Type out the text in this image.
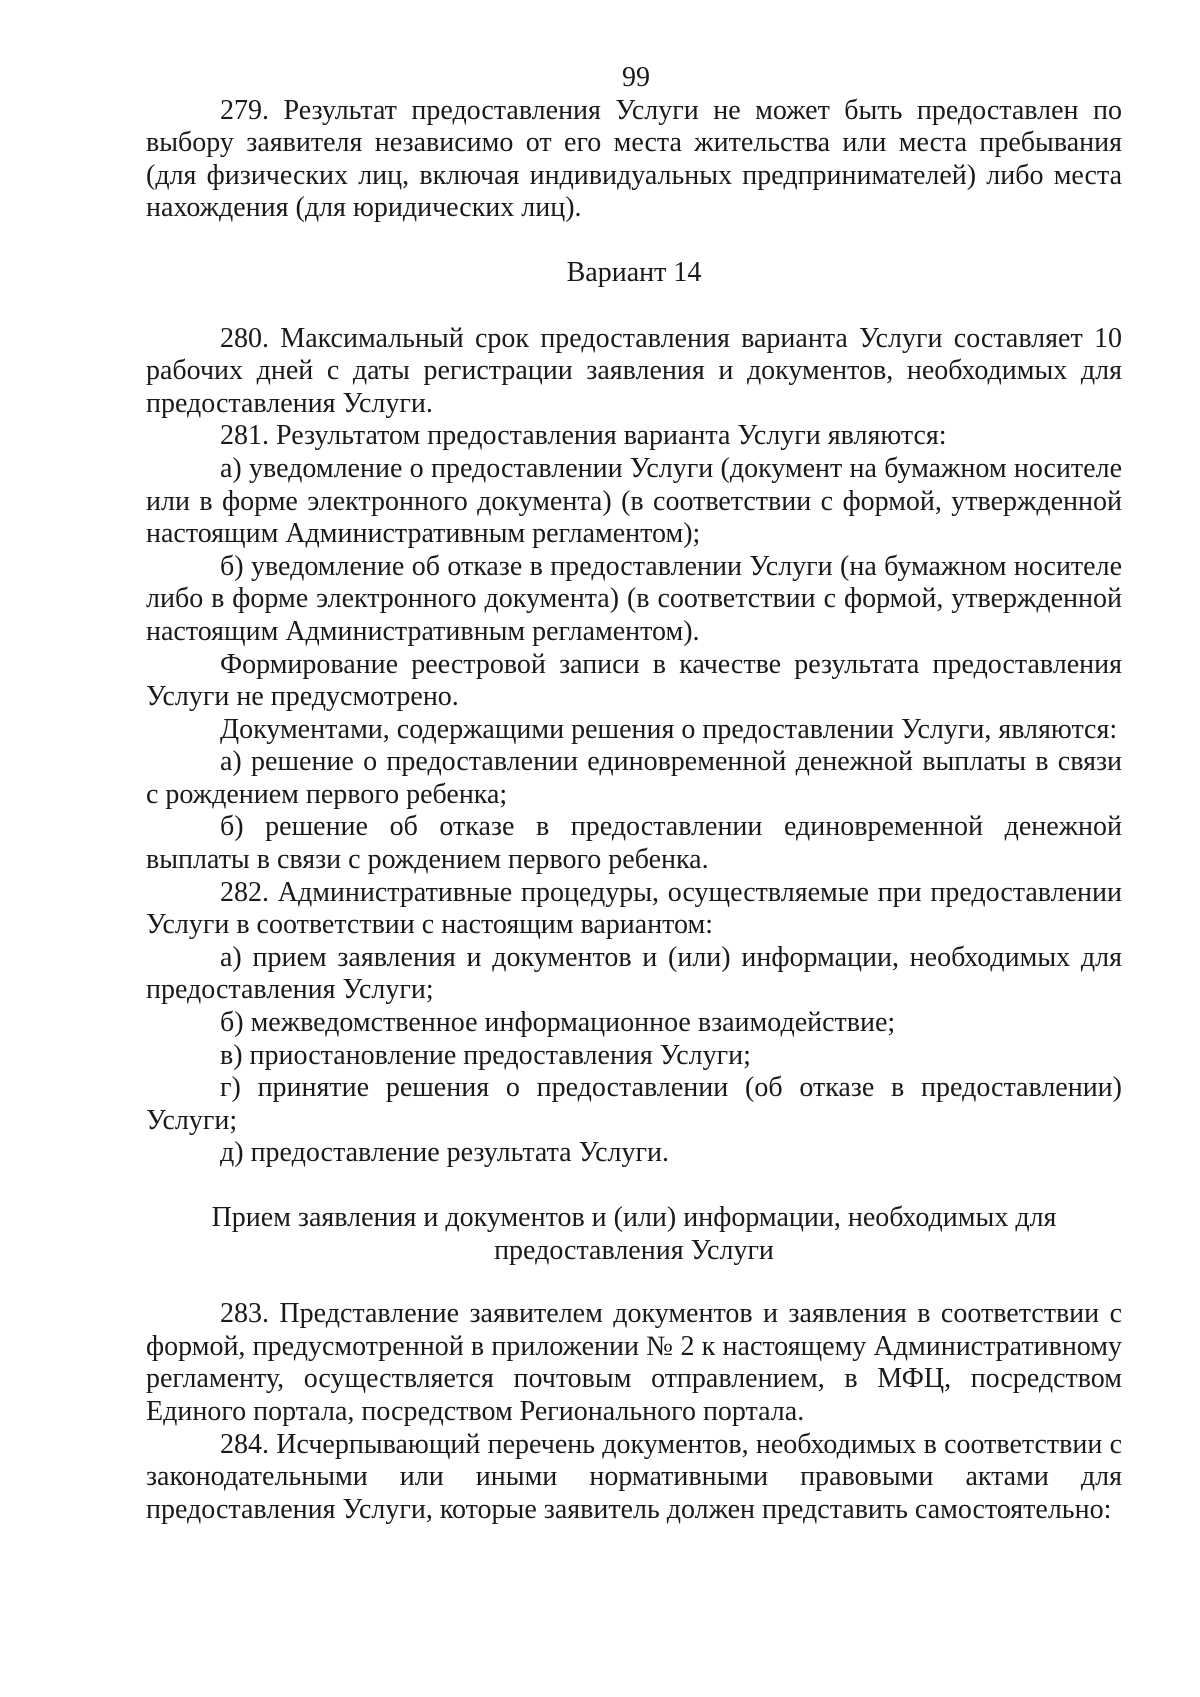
99

279. Результат предоставления Услуги не может быть предоставлен по выбору заявителя независимо от его места жительства или места пребывания (для физических лиц, включая индивидуальных предпринимателей) либо места нахождения (для юридических лиц).

Вариант 14

280. Максимальный срок предоставления варианта Услуги составляет 10 рабочих дней с даты регистрации заявления и документов, необходимых для предоставления Услуги.

281. Результатом предоставления варианта Услуги являются:

а) уведомление о предоставлении Услуги (документ на бумажном носителе или в форме электронного документа) (в соответствии с формой, утвержденной настоящим Административным регламентом);

б) уведомление об отказе в предоставлении Услуги (на бумажном носителе либо в форме электронного документа) (в соответствии с формой, утвержденной настоящим Административным регламентом).

Формирование реестровой записи в качестве результата предоставления Услуги не предусмотрено.

Документами, содержащими решения о предоставлении Услуги, являются:

а) решение о предоставлении единовременной денежной выплаты в связи с рождением первого ребенка;

б) решение об отказе в предоставлении единовременной денежной выплаты в связи с рождением первого ребенка.

282. Административные процедуры, осуществляемые при предоставлении Услуги в соответствии с настоящим вариантом:

а) прием заявления и документов и (или) информации, необходимых для предоставления Услуги;

б) межведомственное информационное взаимодействие;

в) приостановление предоставления Услуги;

г) принятие решения о предоставлении (об отказе в предоставлении) Услуги;

д) предоставление результата Услуги.

Прием заявления и документов и (или) информации, необходимых для предоставления Услуги

283. Представление заявителем документов и заявления в соответствии с формой, предусмотренной в приложении № 2 к настоящему Административному регламенту, осуществляется почтовым отправлением, в МФЦ, посредством Единого портала, посредством Регионального портала.

284. Исчерпывающий перечень документов, необходимых в соответствии с законодательными или иными нормативными правовыми актами для предоставления Услуги, которые заявитель должен представить самостоятельно:
